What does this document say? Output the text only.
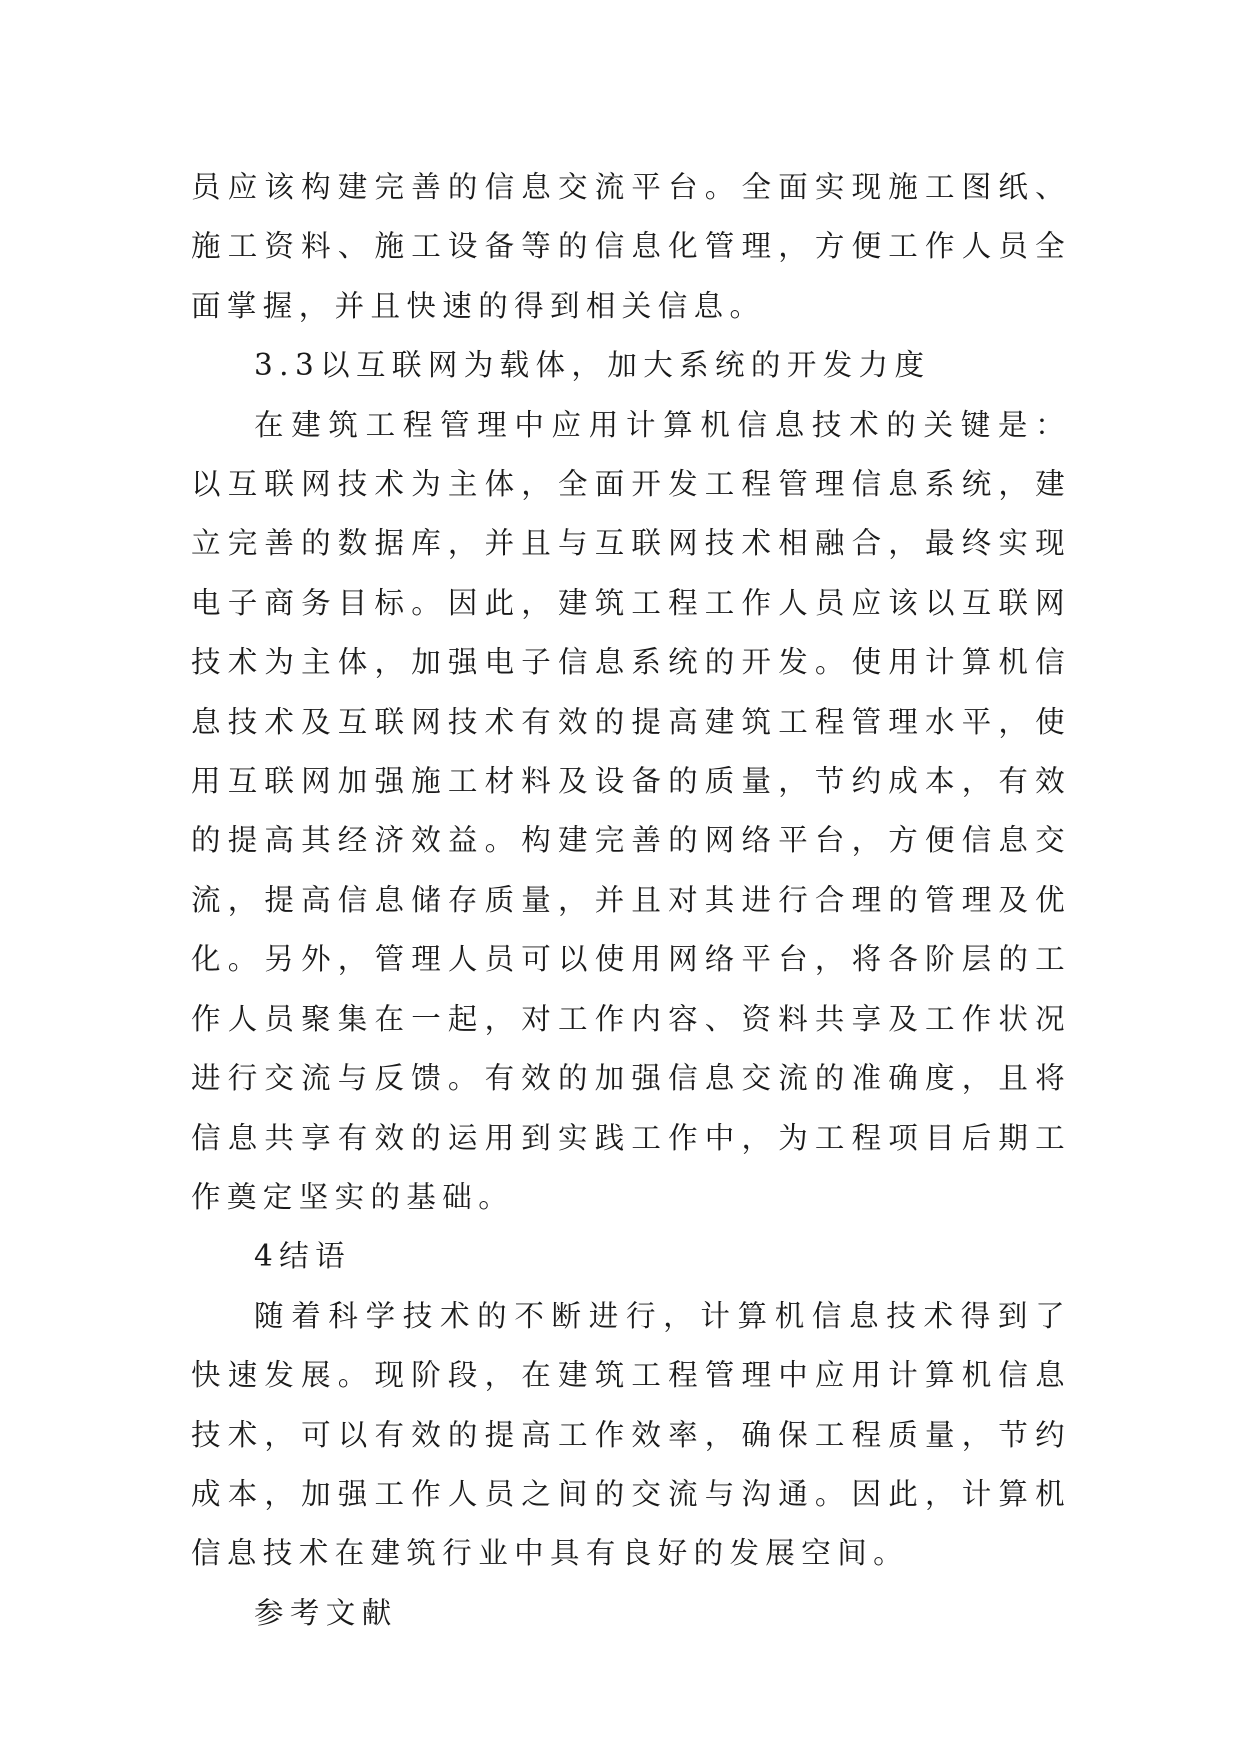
员应该构建完善的信息交流平台。全面实现施工图纸、施工资料、施工设备等的信息化管理，方便工作人员全面掌握，并且快速的得到相关信息。

3.3以互联网为载体，加大系统的开发力度

在建筑工程管理中应用计算机信息技术的关键是：以互联网技术为主体，全面开发工程管理信息系统，建立完善的数据库，并且与互联网技术相融合，最终实现电子商务目标。因此，建筑工程工作人员应该以互联网技术为主体，加强电子信息系统的开发。使用计算机信息技术及互联网技术有效的提高建筑工程管理水平，使用互联网加强施工材料及设备的质量，节约成本，有效的提高其经济效益。构建完善的网络平台，方便信息交流，提高信息储存质量，并且对其进行合理的管理及优化。另外，管理人员可以使用网络平台，将各阶层的工作人员聚集在一起，对工作内容、资料共享及工作状况进行交流与反馈。有效的加强信息交流的准确度，且将信息共享有效的运用到实践工作中，为工程项目后期工作奠定坚实的基础。

4结语

随着科学技术的不断进行，计算机信息技术得到了快速发展。现阶段，在建筑工程管理中应用计算机信息技术，可以有效的提高工作效率，确保工程质量，节约成本，加强工作人员之间的交流与沟通。因此，计算机信息技术在建筑行业中具有良好的发展空间。

参考文献
